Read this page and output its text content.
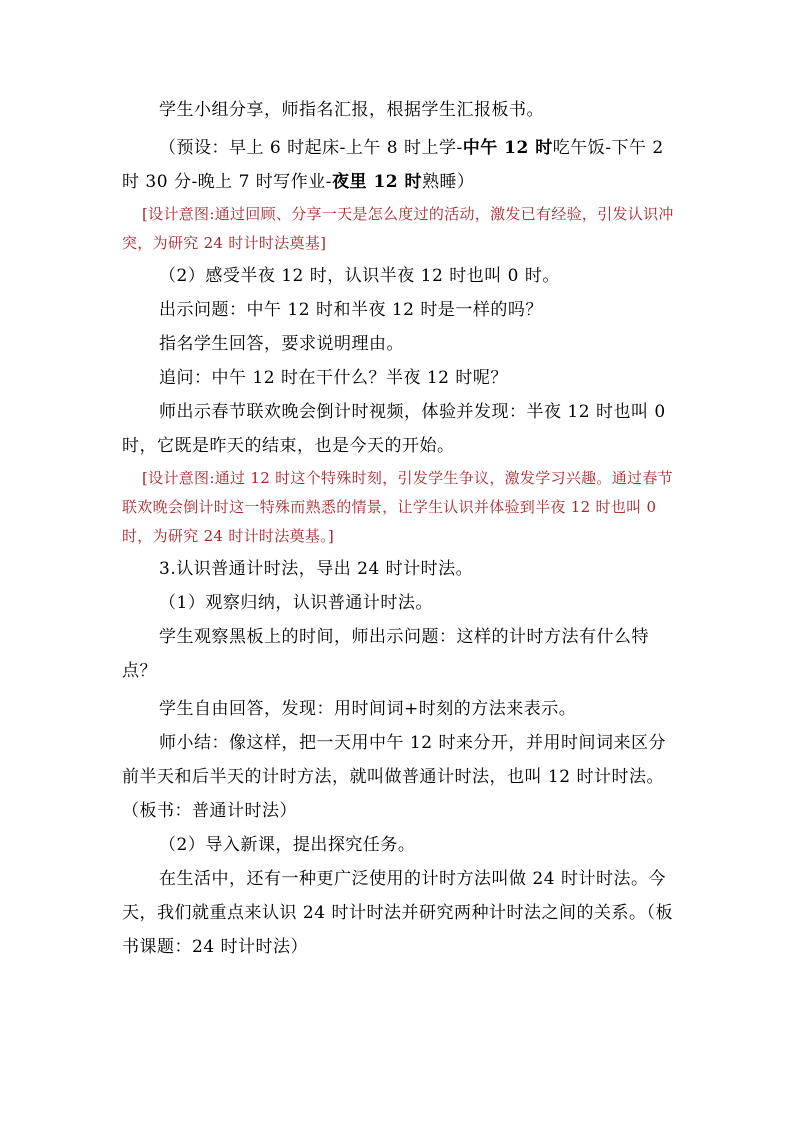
学生小组分享，师指名汇报，根据学生汇报板书。

（预设：早上 6 时起床-上午 8 时上学-中午 12 时吃午饭-下午 2 时 30 分-晚上 7 时写作业-夜里 12 时熟睡）

[设计意图:通过回顾、分享一天是怎么度过的活动，激发已有经验，引发认识冲突，为研究 24 时计时法奠基]

（2）感受半夜 12 时，认识半夜 12 时也叫 0 时。

出示问题：中午 12 时和半夜 12 时是一样的吗？

指名学生回答，要求说明理由。

追问：中午 12 时在干什么？半夜 12 时呢？

师出示春节联欢晚会倒计时视频，体验并发现：半夜 12 时也叫 0 时，它既是昨天的结束，也是今天的开始。

[设计意图:通过 12 时这个特殊时刻，引发学生争议，激发学习兴趣。通过春节联欢晚会倒计时这一特殊而熟悉的情景，让学生认识并体验到半夜 12 时也叫 0 时，为研究 24 时计时法奠基。]

3.认识普通计时法，导出 24 时计时法。

（1）观察归纳，认识普通计时法。

学生观察黑板上的时间，师出示问题：这样的计时方法有什么特点？

学生自由回答，发现：用时间词+时刻的方法来表示。

师小结：像这样，把一天用中午 12 时来分开，并用时间词来区分前半天和后半天的计时方法，就叫做普通计时法，也叫 12 时计时法。（板书：普通计时法）

（2）导入新课，提出探究任务。

在生活中，还有一种更广泛使用的计时方法叫做 24 时计时法。今天，我们就重点来认识 24 时计时法并研究两种计时法之间的关系。（板书课题：24 时计时法）
